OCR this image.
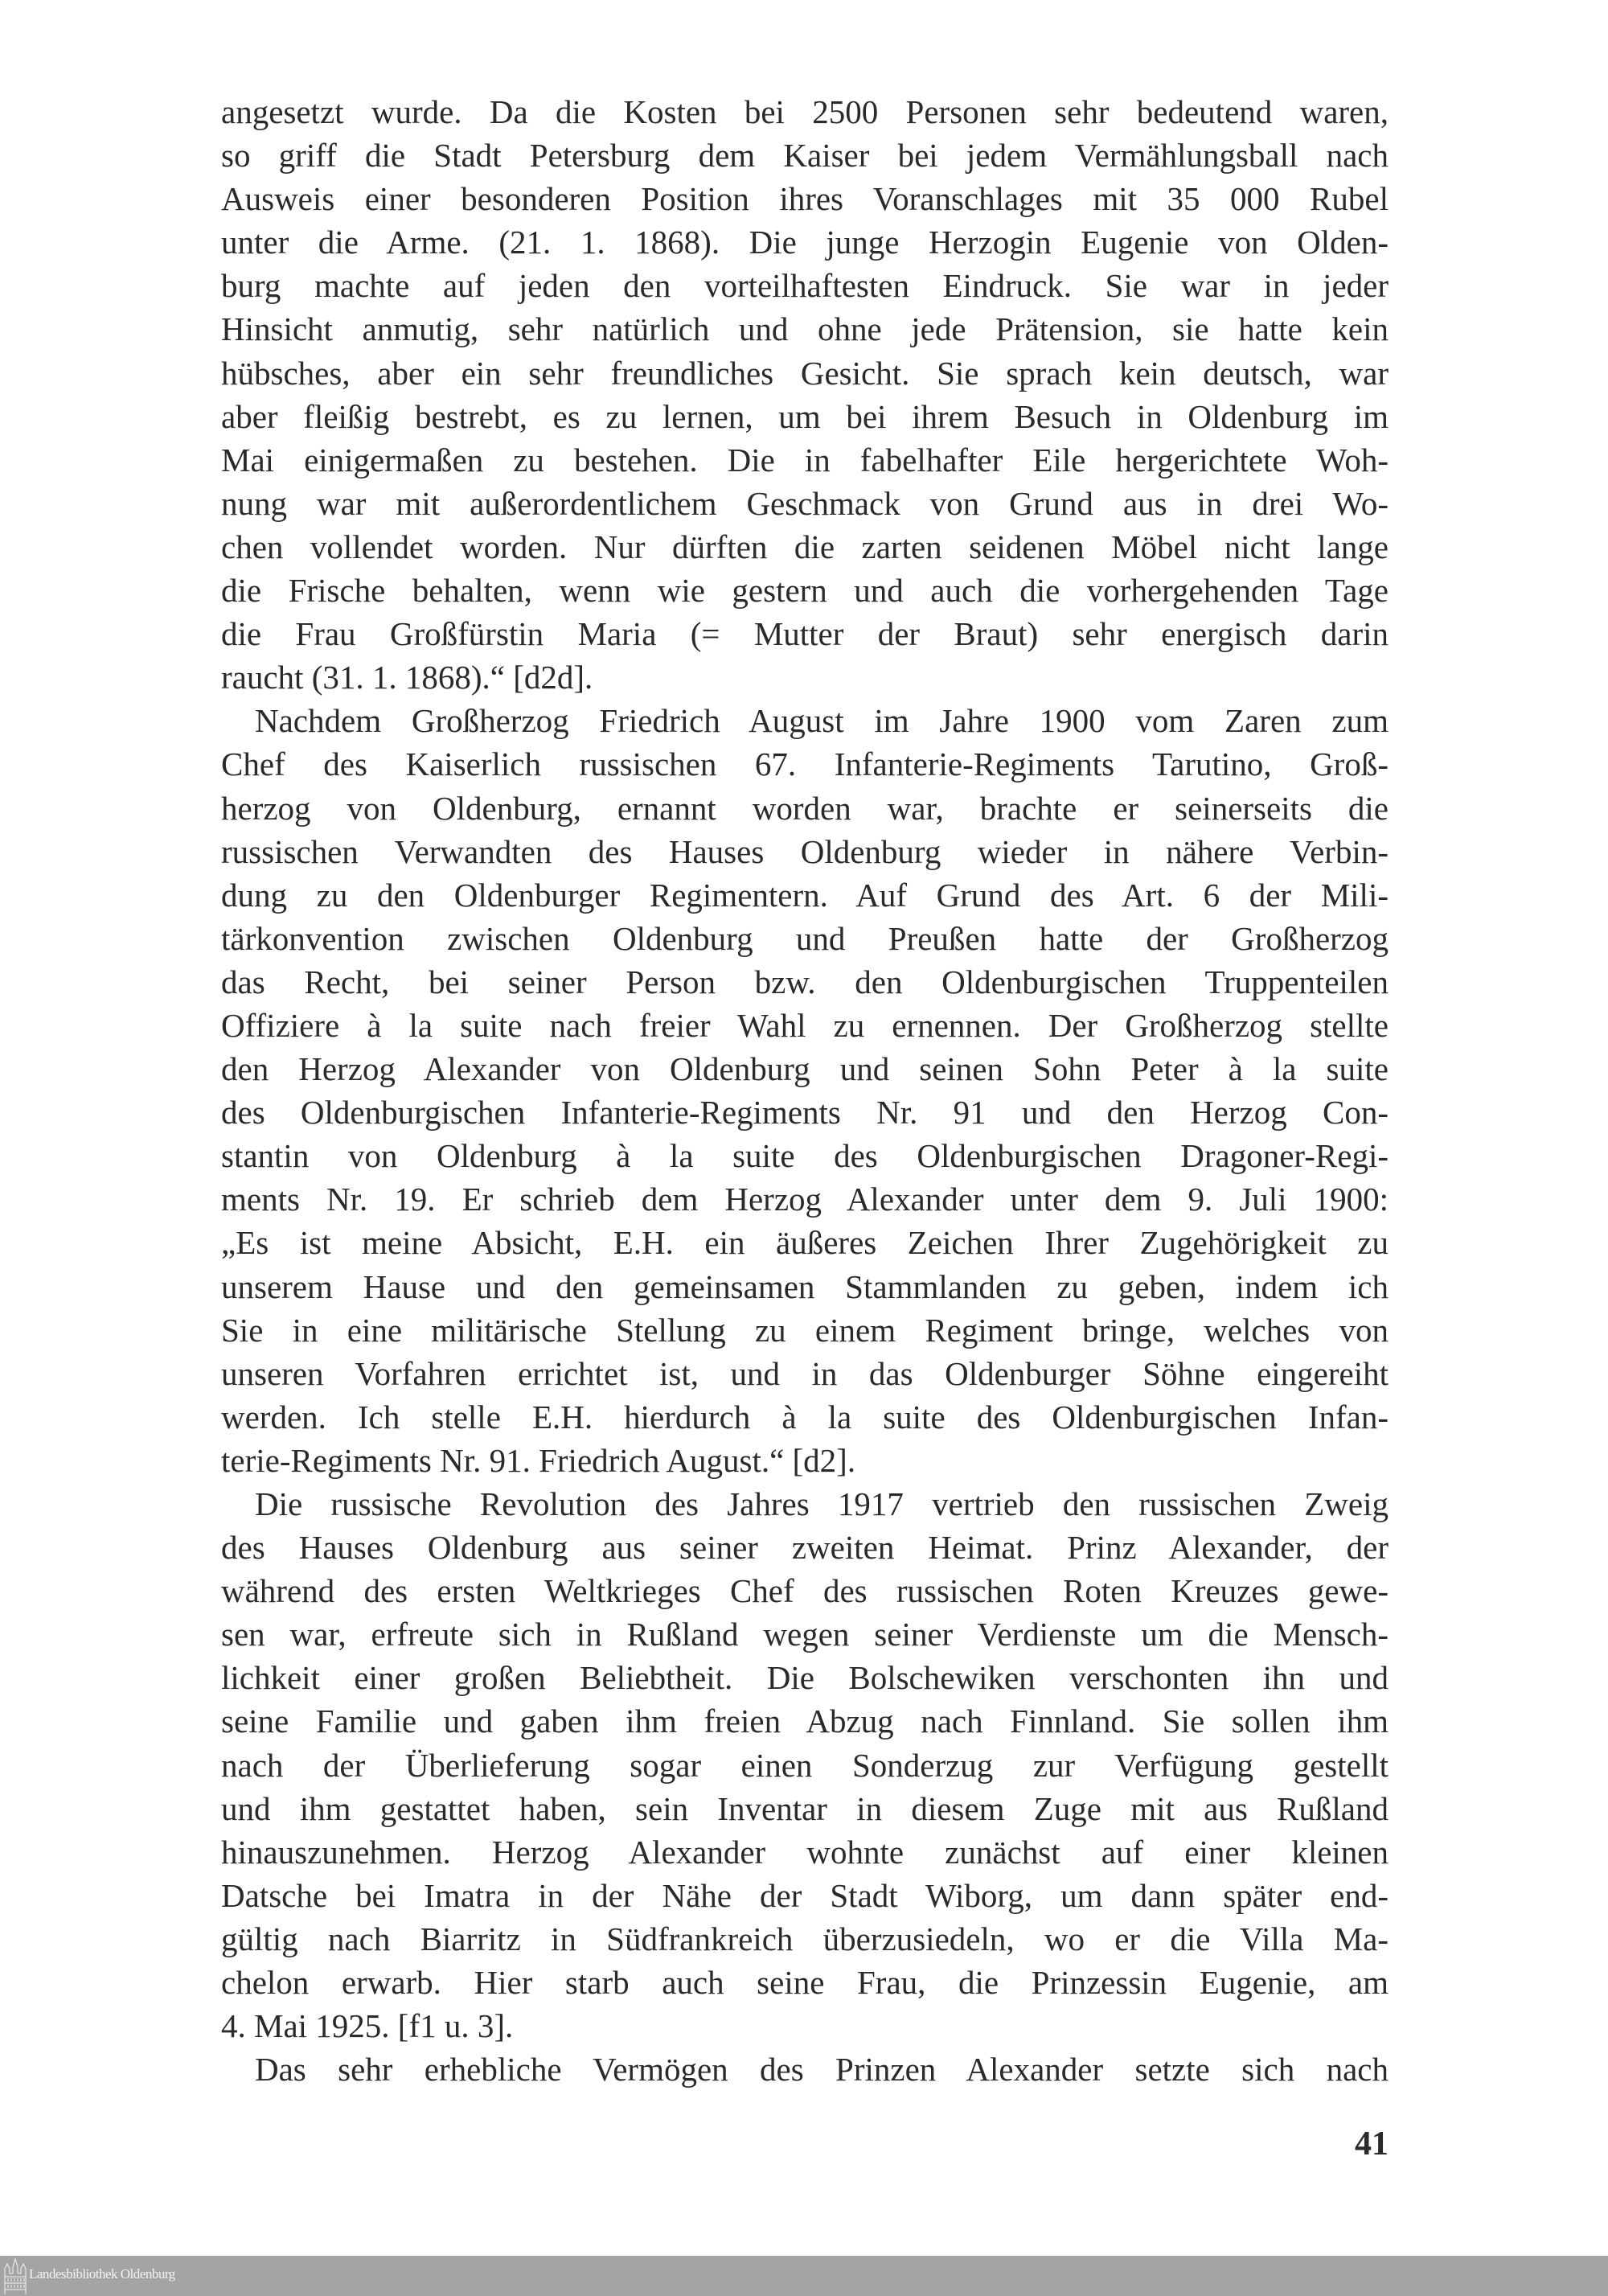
angesetzt wurde. Da die Kosten bei 2500 Personen sehr bedeutend waren,
so griff die Stadt Petersburg dem Kaiser bei jedem Vermählungsball nach
Ausweis einer besonderen Position ihres Voranschlages mit 35 000 Rubel
unter die Arme. (21. 1. 1868). Die junge Herzogin Eugenie von Olden-
burg machte auf jeden den vorteilhaftesten Eindruck. Sie war in jeder
Hinsicht anmutig, sehr natürlich und ohne jede Prätension, sie hatte kein
hübsches, aber ein sehr freundliches Gesicht. Sie sprach kein deutsch, war
aber fleißig bestrebt, es zu lernen, um bei ihrem Besuch in Oldenburg im
Mai einigermaßen zu bestehen. Die in fabelhafter Eile hergerichtete Woh-
nung war mit außerordentlichem Geschmack von Grund aus in drei Wo-
chen vollendet worden. Nur dürften die zarten seidenen Möbel nicht lange
die Frische behalten, wenn wie gestern und auch die vorhergehenden Tage
die Frau Großfürstin Maria (= Mutter der Braut) sehr energisch darin
raucht (31. 1. 1868).“ [d2d].
Nachdem Großherzog Friedrich August im Jahre 1900 vom Zaren zum
Chef des Kaiserlich russischen 67. Infanterie-Regiments Tarutino, Groß-
herzog von Oldenburg, ernannt worden war, brachte er seinerseits die
russischen Verwandten des Hauses Oldenburg wieder in nähere Verbin-
dung zu den Oldenburger Regimentern. Auf Grund des Art. 6 der Mili-
tärkonvention zwischen Oldenburg und Preußen hatte der Großherzog
das Recht, bei seiner Person bzw. den Oldenburgischen Truppenteilen
Offiziere à la suite nach freier Wahl zu ernennen. Der Großherzog stellte
den Herzog Alexander von Oldenburg und seinen Sohn Peter à la suite
des Oldenburgischen Infanterie-Regiments Nr. 91 und den Herzog Con-
stantin von Oldenburg à la suite des Oldenburgischen Dragoner-Regi-
ments Nr. 19. Er schrieb dem Herzog Alexander unter dem 9. Juli 1900:
„Es ist meine Absicht, E.H. ein äußeres Zeichen Ihrer Zugehörigkeit zu
unserem Hause und den gemeinsamen Stammlanden zu geben, indem ich
Sie in eine militärische Stellung zu einem Regiment bringe, welches von
unseren Vorfahren errichtet ist, und in das Oldenburger Söhne eingereiht
werden. Ich stelle E.H. hierdurch à la suite des Oldenburgischen Infan-
terie-Regiments Nr. 91. Friedrich August.“ [d2].
Die russische Revolution des Jahres 1917 vertrieb den russischen Zweig
des Hauses Oldenburg aus seiner zweiten Heimat. Prinz Alexander, der
während des ersten Weltkrieges Chef des russischen Roten Kreuzes gewe-
sen war, erfreute sich in Rußland wegen seiner Verdienste um die Mensch-
lichkeit einer großen Beliebtheit. Die Bolschewiken verschonten ihn und
seine Familie und gaben ihm freien Abzug nach Finnland. Sie sollen ihm
nach der Überlieferung sogar einen Sonderzug zur Verfügung gestellt
und ihm gestattet haben, sein Inventar in diesem Zuge mit aus Rußland
hinauszunehmen. Herzog Alexander wohnte zunächst auf einer kleinen
Datsche bei Imatra in der Nähe der Stadt Wiborg, um dann später end-
gültig nach Biarritz in Südfrankreich überzusiedeln, wo er die Villa Ma-
chelon erwarb. Hier starb auch seine Frau, die Prinzessin Eugenie, am
4. Mai 1925. [f1 u. 3].
Das sehr erhebliche Vermögen des Prinzen Alexander setzte sich nach
41
Landesbibliothek Oldenburg
